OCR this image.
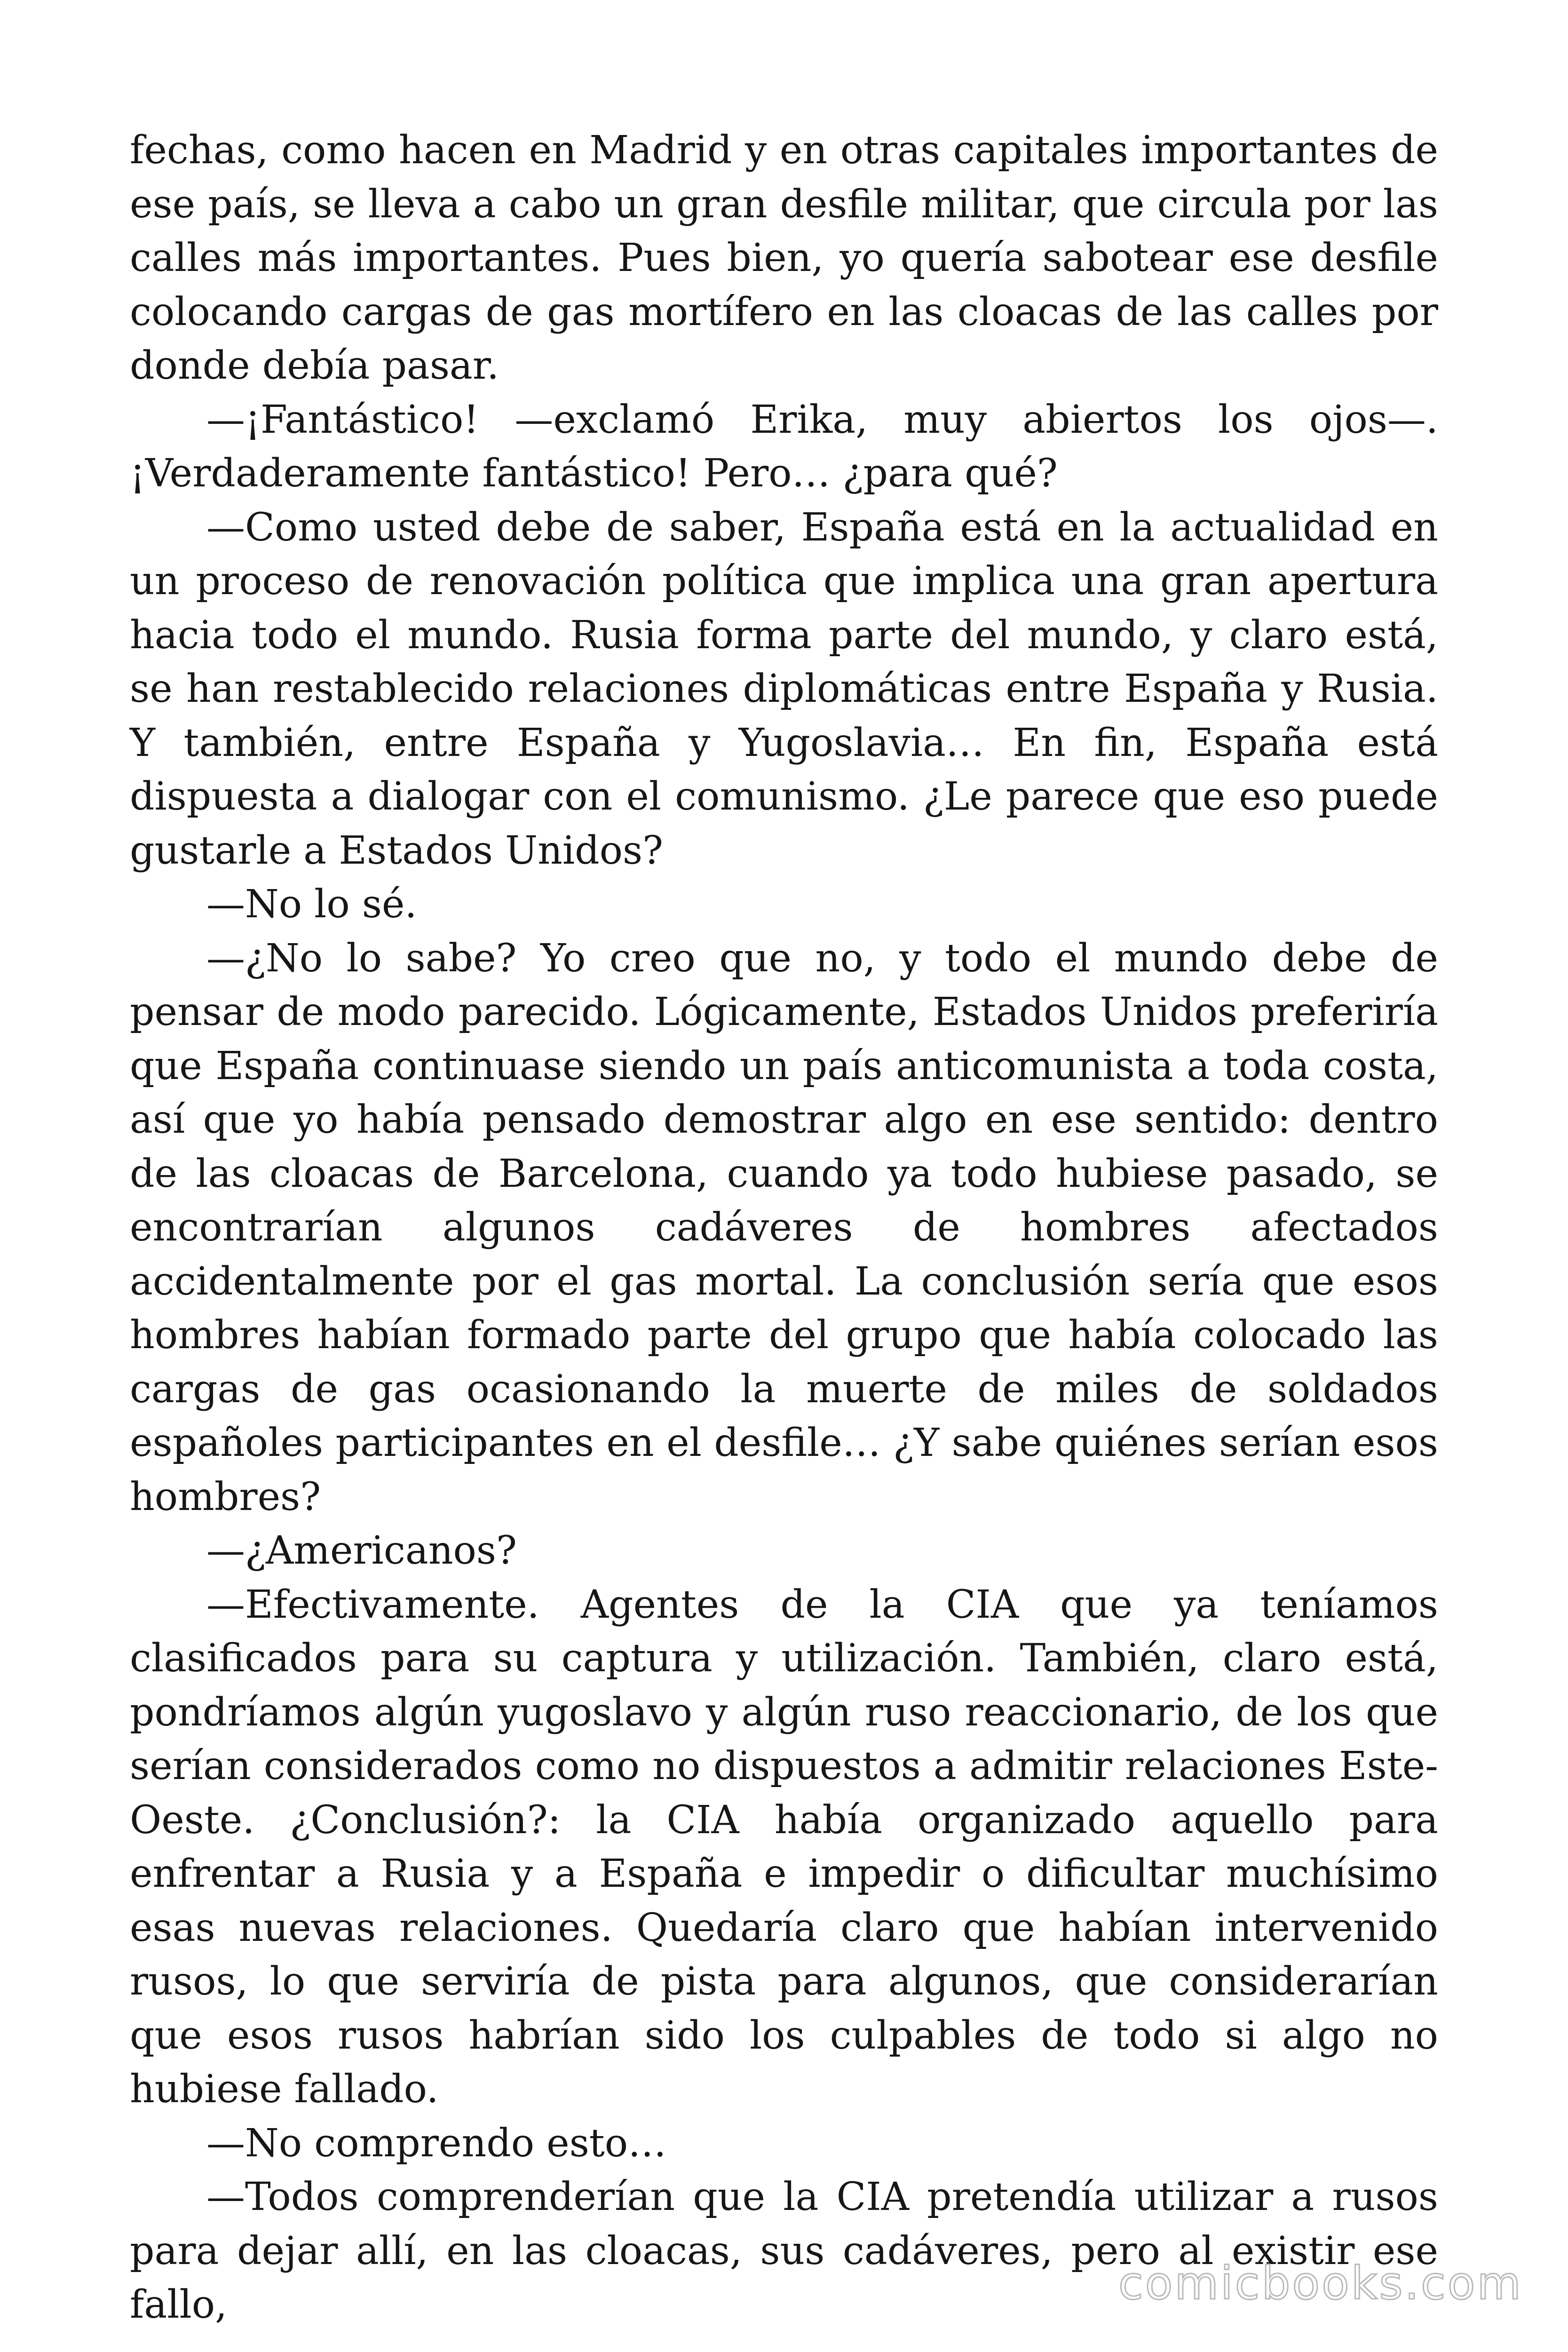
fechas, como hacen en Madrid y en otras capitales importantes de ese país, se lleva a cabo un gran desfile militar, que circula por las calles más importantes. Pues bien, yo quería sabotear ese desfile colocando cargas de gas mortífero en las cloacas de las calles por donde debía pasar.

—¡Fantástico! —exclamó Erika, muy abiertos los ojos—. ¡Verdaderamente fantástico! Pero… ¿para qué?

—Como usted debe de saber, España está en la actualidad en un proceso de renovación política que implica una gran apertura hacia todo el mundo. Rusia forma parte del mundo, y claro está, se han restablecido relaciones diplomáticas entre España y Rusia. Y también, entre España y Yugoslavia… En fin, España está dispuesta a dialogar con el comunismo. ¿Le parece que eso puede gustarle a Estados Unidos?

—No lo sé.

—¿No lo sabe? Yo creo que no, y todo el mundo debe de pensar de modo parecido. Lógicamente, Estados Unidos preferiría que España continuase siendo un país anticomunista a toda costa, así que yo había pensado demostrar algo en ese sentido: dentro de las cloacas de Barcelona, cuando ya todo hubiese pasado, se encontrarían algunos cadáveres de hombres afectados accidentalmente por el gas mortal. La conclusión sería que esos hombres habían formado parte del grupo que había colocado las cargas de gas ocasionando la muerte de miles de soldados españoles participantes en el desfile… ¿Y sabe quiénes serían esos hombres?

—¿Americanos?

—Efectivamente. Agentes de la CIA que ya teníamos clasificados para su captura y utilización. También, claro está, pondríamos algún yugoslavo y algún ruso reaccionario, de los que serían considerados como no dispuestos a admitir relaciones Este-Oeste. ¿Conclusión?: la CIA había organizado aquello para enfrentar a Rusia y a España e impedir o dificultar muchísimo esas nuevas relaciones. Quedaría claro que habían intervenido rusos, lo que serviría de pista para algunos, que considerarían que esos rusos habrían sido los culpables de todo si algo no hubiese fallado.

—No comprendo esto…

—Todos comprenderían que la CIA pretendía utilizar a rusos para dejar allí, en las cloacas, sus cadáveres, pero al existir ese fallo,	comicbooks.com
